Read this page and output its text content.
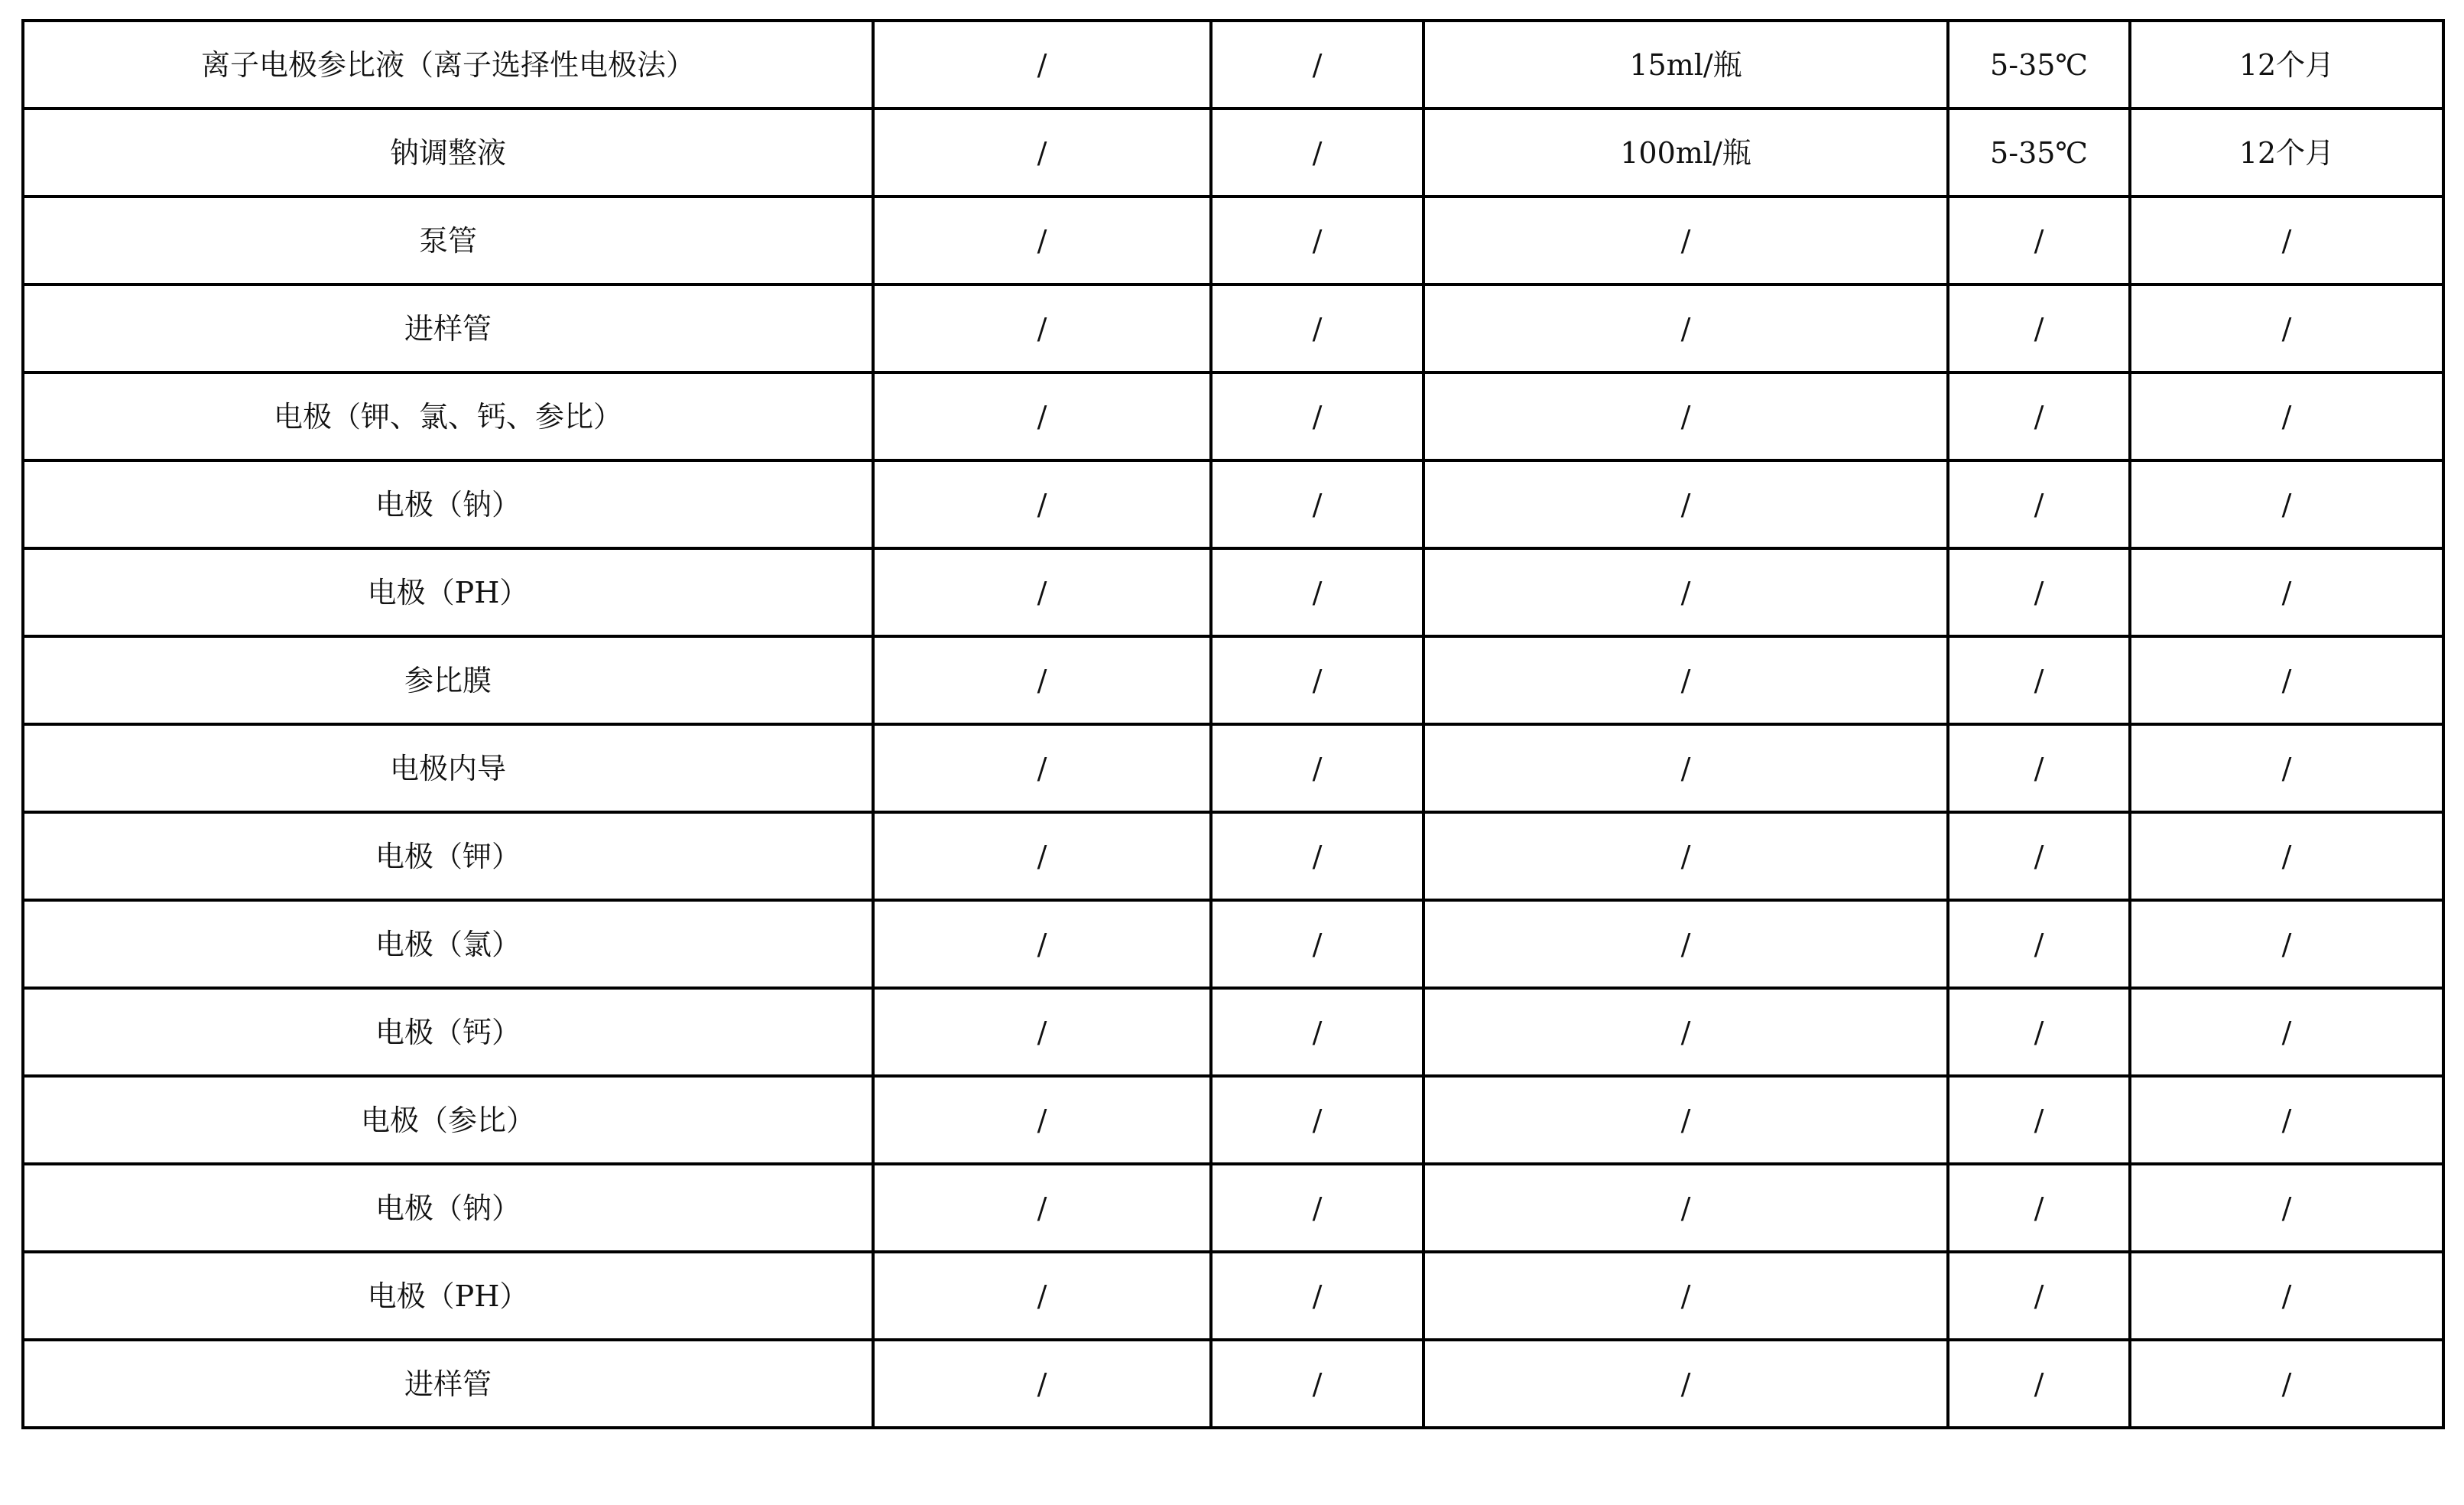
离子电极参比液（离子选择性电极法）	/	/	15ml/瓶	5-35℃	12个月
钠调整液	/	/	100ml/瓶	5-35℃	12个月
泵管	/	/	/	/	/
进样管	/	/	/	/	/
电极（钾、氯、钙、参比）	/	/	/	/	/
电极（钠）	/	/	/	/	/
电极（PH）	/	/	/	/	/
参比膜	/	/	/	/	/
电极内导	/	/	/	/	/
电极（钾）	/	/	/	/	/
电极（氯）	/	/	/	/	/
电极（钙）	/	/	/	/	/
电极（参比）	/	/	/	/	/
电极（钠）	/	/	/	/	/
电极（PH）	/	/	/	/	/
进样管	/	/	/	/	/
